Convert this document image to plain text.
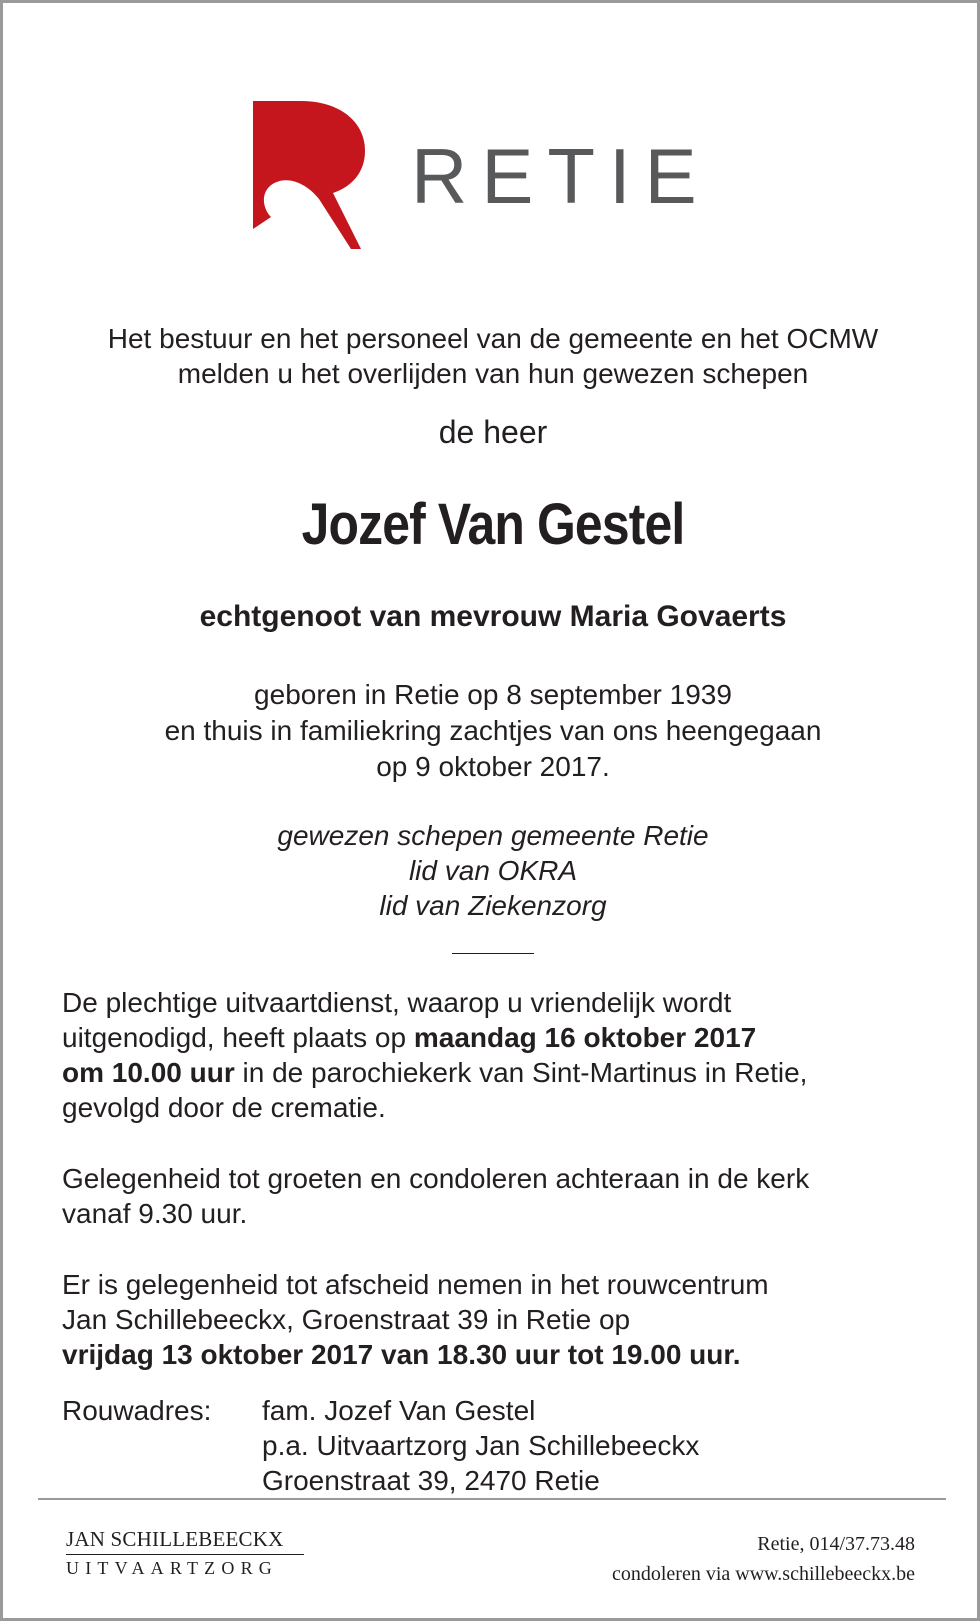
RETIE
Het bestuur en het personeel van de gemeente en het OCMW
melden u het overlijden van hun gewezen schepen
de heer
Jozef Van Gestel
echtgenoot van mevrouw Maria Govaerts
geboren in Retie op 8 september 1939
en thuis in familiekring zachtjes van ons heengegaan
op 9 oktober 2017.
gewezen schepen gemeente Retie
lid van OKRA
lid van Ziekenzorg
De plechtige uitvaartdienst, waarop u vriendelijk wordt
uitgenodigd, heeft plaats op maandag 16 oktober 2017
om 10.00 uur in de parochiekerk van Sint-Martinus in Retie,
gevolgd door de crematie.
Gelegenheid tot groeten en condoleren achteraan in de kerk
vanaf 9.30 uur.
Er is gelegenheid tot afscheid nemen in het rouwcentrum
Jan Schillebeeckx, Groenstraat 39 in Retie op
vrijdag 13 oktober 2017 van 18.30 uur tot 19.00 uur.
Rouwadres: fam. Jozef Van Gestel
p.a. Uitvaartzorg Jan Schillebeeckx
Groenstraat 39, 2470 Retie
JAN SCHILLEBEECKX
UITVAARTZORG
Retie, 014/37.73.48
condoleren via www.schillebeeckx.be
